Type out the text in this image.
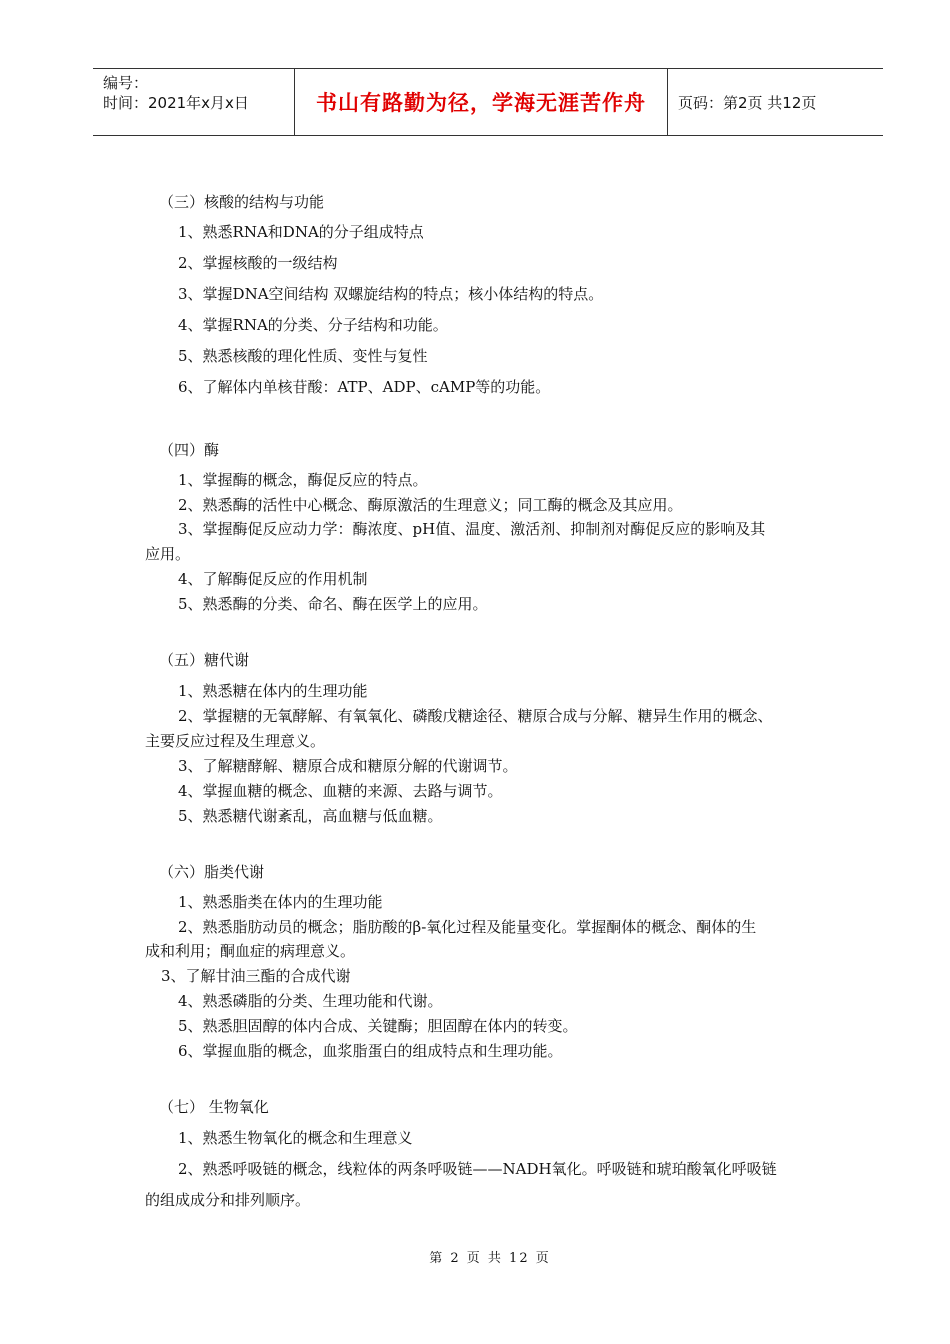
编号：
时间：2021年x月x日	书山有路勤为径，学海无涯苦作舟	页码：第2页 共12页
（三）核酸的结构与功能
1、熟悉RNA和DNA的分子组成特点
2、掌握核酸的一级结构
3、掌握DNA空间结构 双螺旋结构的特点；核小体结构的特点。
4、掌握RNA的分类、分子结构和功能。
5、熟悉核酸的理化性质、变性与复性
6、了解体内单核苷酸：ATP、ADP、cAMP等的功能。
（四）酶
1、掌握酶的概念，酶促反应的特点。
2、熟悉酶的活性中心概念、酶原激活的生理意义；同工酶的概念及其应用。
3、掌握酶促反应动力学：酶浓度、pH值、温度、激活剂、抑制剂对酶促反应的影响及其
应用。
4、了解酶促反应的作用机制
5、熟悉酶的分类、命名、酶在医学上的应用。
（五）糖代谢
1、熟悉糖在体内的生理功能
2、掌握糖的无氧酵解、有氧氧化、磷酸戊糖途径、糖原合成与分解、糖异生作用的概念、
主要反应过程及生理意义。
3、了解糖酵解、糖原合成和糖原分解的代谢调节。
4、掌握血糖的概念、血糖的来源、去路与调节。
5、熟悉糖代谢紊乱，高血糖与低血糖。
（六）脂类代谢
1、熟悉脂类在体内的生理功能
2、熟悉脂肪动员的概念；脂肪酸的β-氧化过程及能量变化。掌握酮体的概念、酮体的生
成和利用；酮血症的病理意义。
3、了解甘油三酯的合成代谢
4、熟悉磷脂的分类、生理功能和代谢。
5、熟悉胆固醇的体内合成、关键酶；胆固醇在体内的转变。
6、掌握血脂的概念，血浆脂蛋白的组成特点和生理功能。
（七） 生物氧化
1、熟悉生物氧化的概念和生理意义
2、熟悉呼吸链的概念，线粒体的两条呼吸链——NADH氧化。呼吸链和琥珀酸氧化呼吸链
的组成成分和排列顺序。
第 2 页 共 12 页
